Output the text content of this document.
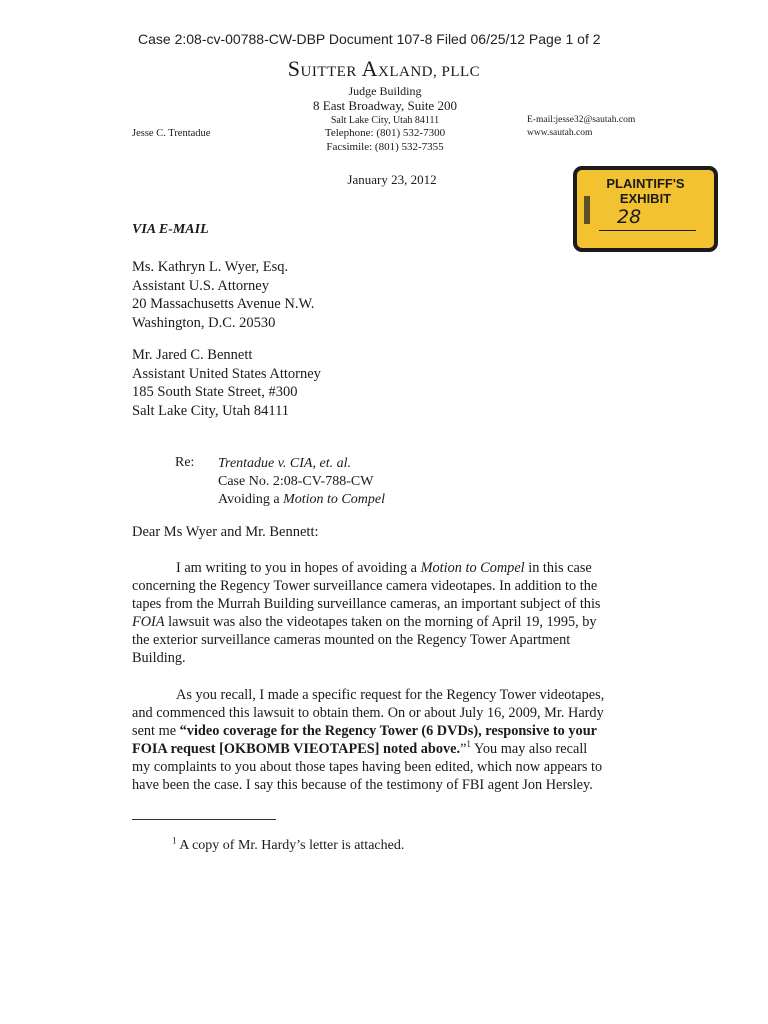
Case 2:08-cv-00788-CW-DBP Document 107-8 Filed 06/25/12 Page 1 of 2
Suitter Axland, PLLC
Judge Building
8 East Broadway, Suite 200
Salt Lake City, Utah 84111
Telephone: (801) 532-7300
Facsimile: (801) 532-7355
Jesse C. Trentadue
E-mail:jesse32@sautah.com
www.sautah.com
January 23, 2012	PLAINTIFF'S
EXHIBIT
28
VIA E-MAIL
Ms. Kathryn L. Wyer, Esq.
Assistant U.S. Attorney
20 Massachusetts Avenue N.W.
Washington, D.C. 20530
Mr. Jared C. Bennett
Assistant United States Attorney
185 South State Street, #300
Salt Lake City, Utah 84111
Re: Trentadue v. CIA, et. al.
Case No. 2:08-CV-788-CW
Avoiding a Motion to Compel
Dear Ms Wyer and Mr. Bennett:
I am writing to you in hopes of avoiding a Motion to Compel in this case
concerning the Regency Tower surveillance camera videotapes. In addition to the
tapes from the Murrah Building surveillance cameras, an important subject of this
FOIA lawsuit was also the videotapes taken on the morning of April 19, 1995, by
the exterior surveillance cameras mounted on the Regency Tower Apartment
Building.
As you recall, I made a specific request for the Regency Tower videotapes,
and commenced this lawsuit to obtain them. On or about July 16, 2009, Mr. Hardy
sent me “video coverage for the Regency Tower (6 DVDs), responsive to your
FOIA request [OKBOMB VIEOTAPES] noted above.”$^1$ You may also recall
my complaints to you about those tapes having been edited, which now appears to
have been the case. I say this because of the testimony of FBI agent Jon Hersley.
$^1$ A copy of Mr. Hardy’s letter is attached.
